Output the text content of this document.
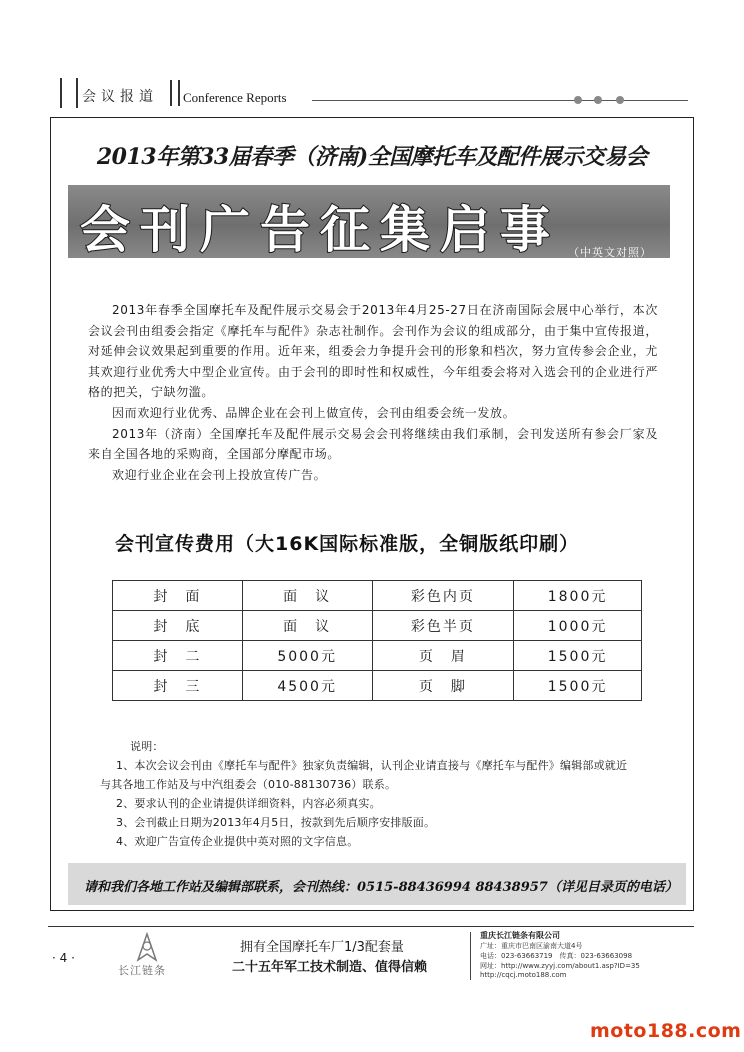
会议报道 Conference Reports
2013年第33届春季（济南)全国摩托车及配件展示交易会
会刊广告征集启事 （中英文对照）

2013年春季全国摩托车及配件展示交易会于2013年4月25-27日在济南国际会展中心举行，本次会议会刊由组委会指定《摩托车与配件》杂志社制作。会刊作为会议的组成部分，由于集中宣传报道，对延伸会议效果起到重要的作用。近年来，组委会力争提升会刊的形象和档次，努力宣传参会企业，尤其欢迎行业优秀大中型企业宣传。由于会刊的即时性和权威性，今年组委会将对入选会刊的企业进行严格的把关，宁缺勿滥。

因而欢迎行业优秀、品牌企业在会刊上做宣传，会刊由组委会统一发放。

2013年（济南）全国摩托车及配件展示交易会会刊将继续由我们承制，会刊发送所有参会厂家及来自全国各地的采购商，全国部分摩配市场。

欢迎行业企业在会刊上投放宣传广告。

会刊宣传费用（大16K国际标准版，全铜版纸印刷）
封　面	面　议	彩色内页	1800元
封　底	面　议	彩色半页	1000元
封　二	5000元	页　眉	1500元
封　三	4500元	页　脚	1500元
说明：
1、本次会议会刊由《摩托车与配件》独家负责编辑，认刊企业请直接与《摩托车与配件》编辑部或就近
与其各地工作站及与中汽组委会（010-88130736）联系。
2、要求认刊的企业请提供详细资料，内容必须真实。
3、会刊截止日期为2013年4月5日，按款到先后顺序安排版面。
4、欢迎广告宣传企业提供中英对照的文字信息。
请和我们各地工作站及编辑部联系，会刊热线：0515-88436994 88438957（详见目录页的电话）
· 4 ·
长江链条
拥有全国摩托车厂1/3配套量
二十五年军工技术制造、值得信赖
重庆长江链条有限公司
广址：重庆市巴南区渝南大道4号
电话：023-63663719　传真：023-63663098
网址：http://www.zyyj.com/about1.asp?ID=35
http://cqcj.moto188.com
moto188.com
